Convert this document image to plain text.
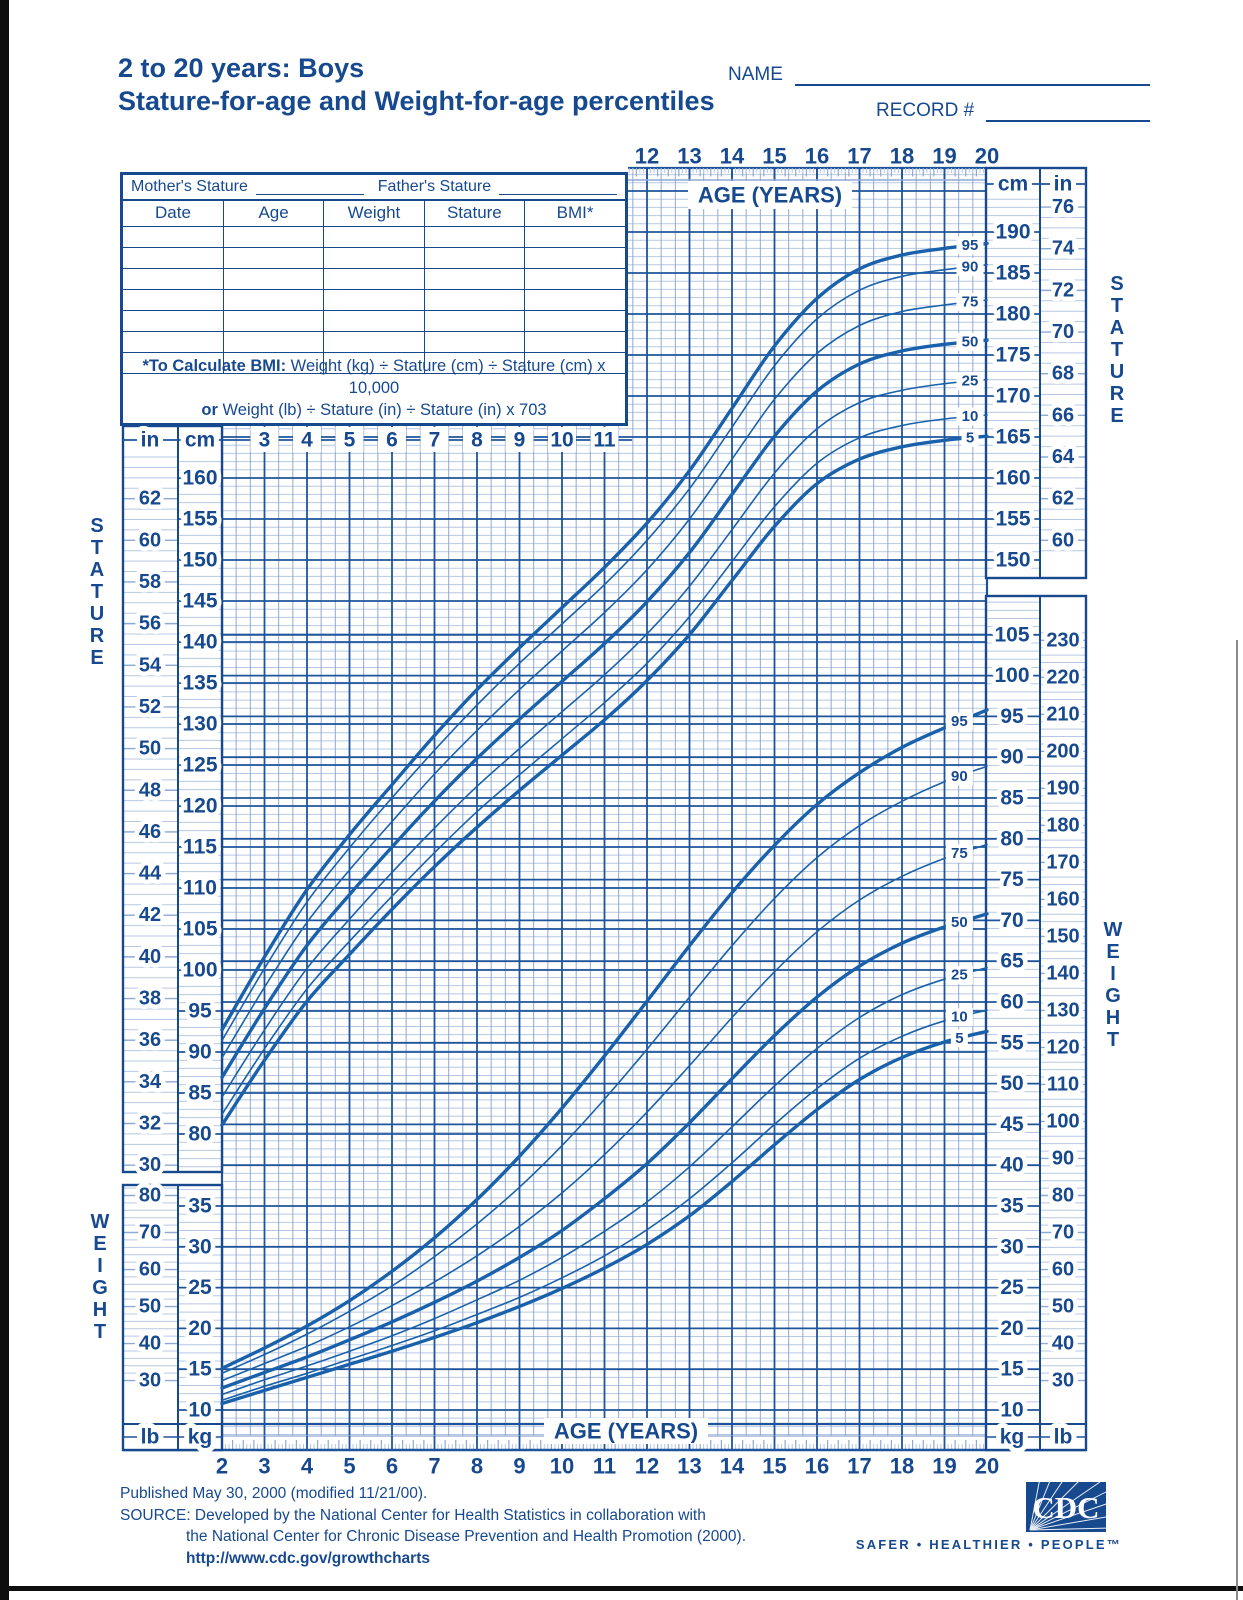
in cm
62
60
58
56
54
52
50
48
46
44
42
40
38
36
34
32
30
160
155
150
145
140
135
130
125
120
115
110
105
100
95
90
85
80
80
70
60
50
40
30
35
30
25
20
15
10
lb kg
cm in
190
185
180
175
170
165
160
155
150
76
74
72
70
68
66
64
62
60
105
100
95
90
85
80
75
70
65
60
55
50
45
40
35
30
25
20
15
10
230
220
210
200
190
180
170
160
150
140
130
120
110
100
90
80
70
60
50
40
30
kg lb
3 4 5 6 7 8 9 10 11
12 13 14 15 16 17 18 19 20
2 3 4 5 6 7 8 9 10 11 12 13 14 15 16 17 18 19 20
AGE (YEARS)
AGE (YEARS)
95
90
75
50
25
10
5
95
90
75
50
25
10
5
S
T
A
T
U
R
E
S
T
A
T
U
R
E
W
E
I
G
H
T
W
E
I
G
H
T
2 to 20 years: Boys
Stature-for-age and Weight-for-age percentiles
NAME
RECORD #
Mother's Stature	Father's Stature
Date	Age	Weight	Stature	BMI*

*To Calculate BMI: Weight (kg) ÷ Stature (cm) ÷ Stature (cm) x 10,000
or Weight (lb) ÷ Stature (in) ÷ Stature (in) x 703
Published May 30, 2000 (modified 11/21/00).
SOURCE: Developed by the National Center for Health Statistics in collaboration with
the National Center for Chronic Disease Prevention and Health Promotion (2000).
http://www.cdc.gov/growthcharts
CDC
SAFER • HEALTHIER • PEOPLE™
